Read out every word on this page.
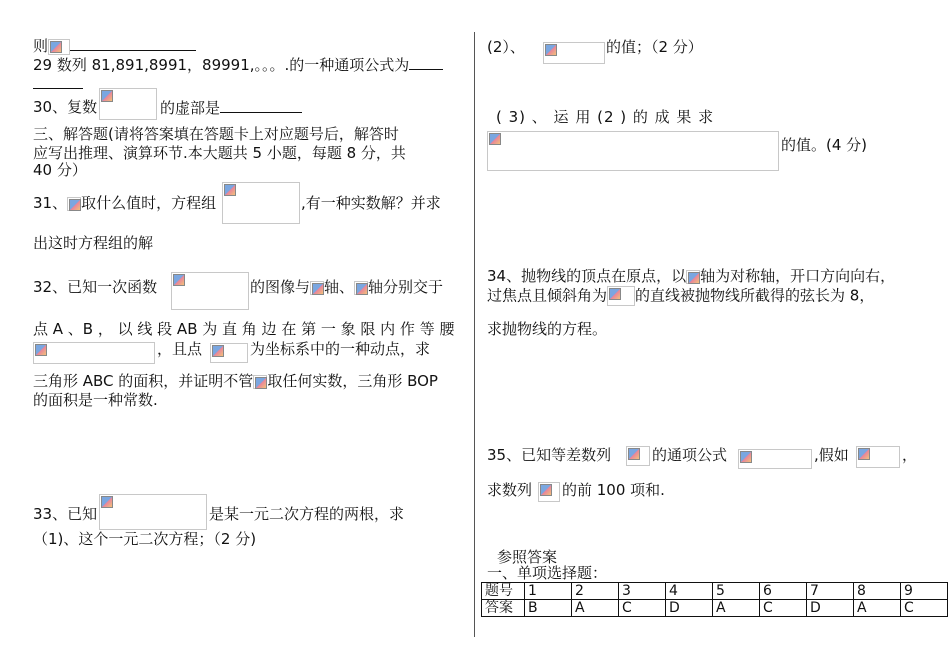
则
29 数列 81,891,8991，89991,。。。.的一种通项公式为
30、复数	的虚部是
三、解答题(请将答案填在答题卡上对应题号后，解答时
应写出推理、演算环节.本大题共 5 小题，每题 8 分，共
40 分）
31、 取什么值时，方程组	,有一种实数解？并求
出这时方程组的解
32、已知一次函数	的图像与 轴、 轴分别交于
点 A 、B ， 以 线 段 AB 为 直 角 边 在 第 一 象 限 内 作 等 腰
，且点	为坐标系中的一种动点，求
三角形 ABC 的面积，并证明不管 取任何实数，三角形 BOP
的面积是一种常数.
33、已知	是某一元二次方程的两根，求
（1)、这个一元二次方程；（2 分)
(2）、	的值；（2 分）
( 3) 、 运 用 (2 ) 的 成 果 求
的值。(4 分)
34、抛物线的顶点在原点，以 轴为对称轴，开口方向向右，
过焦点且倾斜角为 的直线被抛物线所截得的弦长为 8，
求抛物线的方程。
35、已知等差数列	的通项公式	,假如	，
求数列 的前 100 项和.
参照答案
一、单项选择题：
题号	1	2	3	4	5	6	7	8	9
答案	B	A	C	D	A	C	D	A	C
